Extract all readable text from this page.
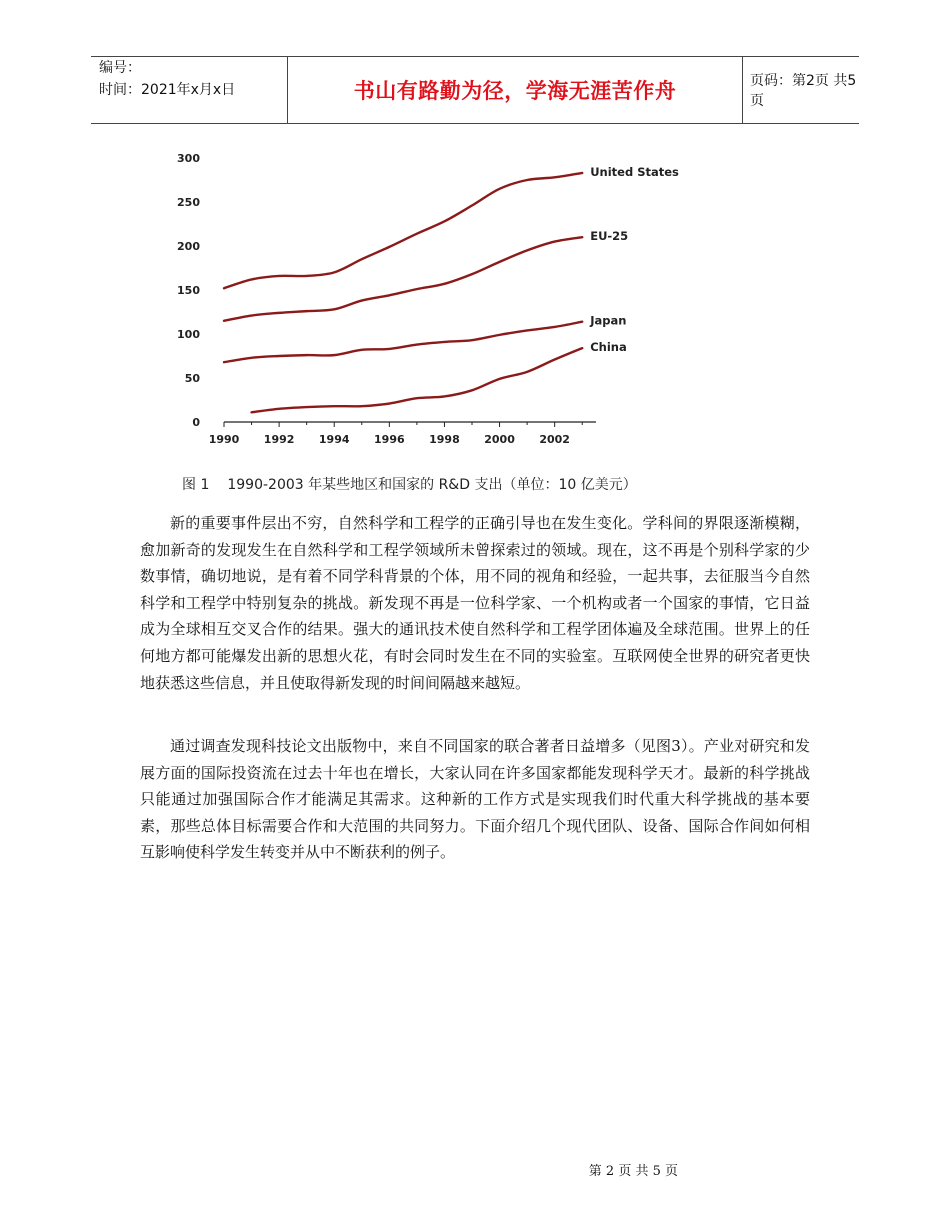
编号：
时间：2021年x月x日	书山有路勤为径，学海无涯苦作舟	页码：第2页 共5页
1990 1992 1994 1996 1998 2000 2002
0
50
100
150
200
250
300
United States
EU-25
Japan
China
图 1 1990-2003 年某些地区和国家的 R&D 支出（单位：10 亿美元）

新的重要事件层出不穷，自然科学和工程学的正确引导也在发生变化。学科间的界限逐渐模糊，愈加新奇的发现发生在自然科学和工程学领域所未曾探索过的领域。现在，这不再是个别科学家的少数事情，确切地说，是有着不同学科背景的个体，用不同的视角和经验，一起共事，去征服当今自然科学和工程学中特别复杂的挑战。新发现不再是一位科学家、一个机构或者一个国家的事情，它日益成为全球相互交叉合作的结果。强大的通讯技术使自然科学和工程学团体遍及全球范围。世界上的任何地方都可能爆发出新的思想火花，有时会同时发生在不同的实验室。互联网使全世界的研究者更快地获悉这些信息，并且使取得新发现的时间间隔越来越短。

通过调查发现科技论文出版物中，来自不同国家的联合著者日益增多（见图3）。产业对研究和发展方面的国际投资流在过去十年也在增长，大家认同在许多国家都能发现科学天才。最新的科学挑战只能通过加强国际合作才能满足其需求。这种新的工作方式是实现我们时代重大科学挑战的基本要素，那些总体目标需要合作和大范围的共同努力。下面介绍几个现代团队、设备、国际合作间如何相互影响使科学发生转变并从中不断获利的例子。

第 2 页 共 5 页
